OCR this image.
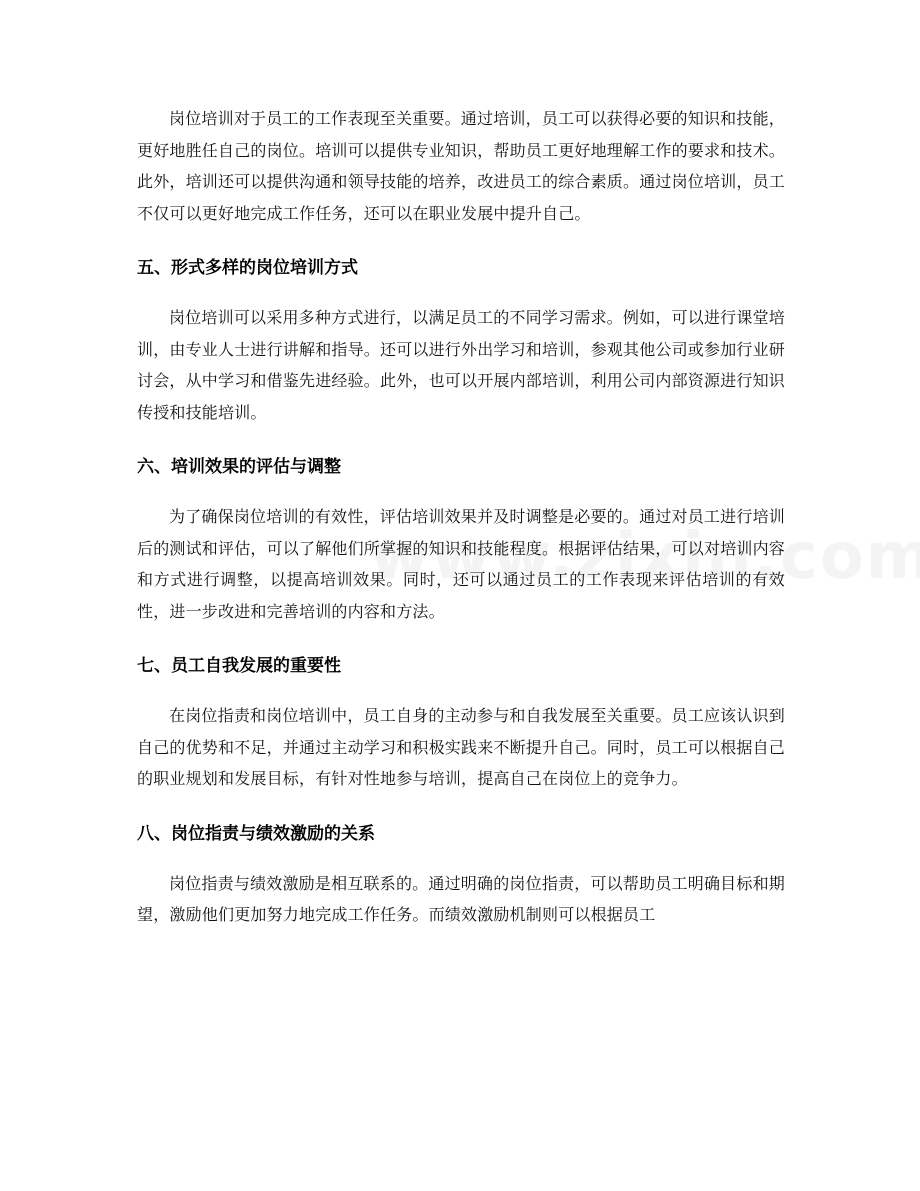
岗位培训对于员工的工作表现至关重要。通过培训，员工可以获得必要的知识和技能，更好地胜任自己的岗位。培训可以提供专业知识，帮助员工更好地理解工作的要求和技术。此外，培训还可以提供沟通和领导技能的培养，改进员工的综合素质。通过岗位培训，员工不仅可以更好地完成工作任务，还可以在职业发展中提升自己。

五、形式多样的岗位培训方式

岗位培训可以采用多种方式进行，以满足员工的不同学习需求。例如，可以进行课堂培训，由专业人士进行讲解和指导。还可以进行外出学习和培训，参观其他公司或参加行业研讨会，从中学习和借鉴先进经验。此外，也可以开展内部培训，利用公司内部资源进行知识传授和技能培训。

六、培训效果的评估与调整

为了确保岗位培训的有效性，评估培训效果并及时调整是必要的。通过对员工进行培训后的测试和评估，可以了解他们所掌握的知识和技能程度。根据评估结果，可以对培训内容和方式进行调整，以提高培训效果。同时，还可以通过员工的工作表现来评估培训的有效性，进一步改进和完善培训的内容和方法。

七、员工自我发展的重要性

在岗位指责和岗位培训中，员工自身的主动参与和自我发展至关重要。员工应该认识到自己的优势和不足，并通过主动学习和积极实践来不断提升自己。同时，员工可以根据自己的职业规划和发展目标，有针对性地参与培训，提高自己在岗位上的竞争力。

八、岗位指责与绩效激励的关系

岗位指责与绩效激励是相互联系的。通过明确的岗位指责，可以帮助员工明确目标和期望，激励他们更加努力地完成工作任务。而绩效激励机制则可以根据员工
